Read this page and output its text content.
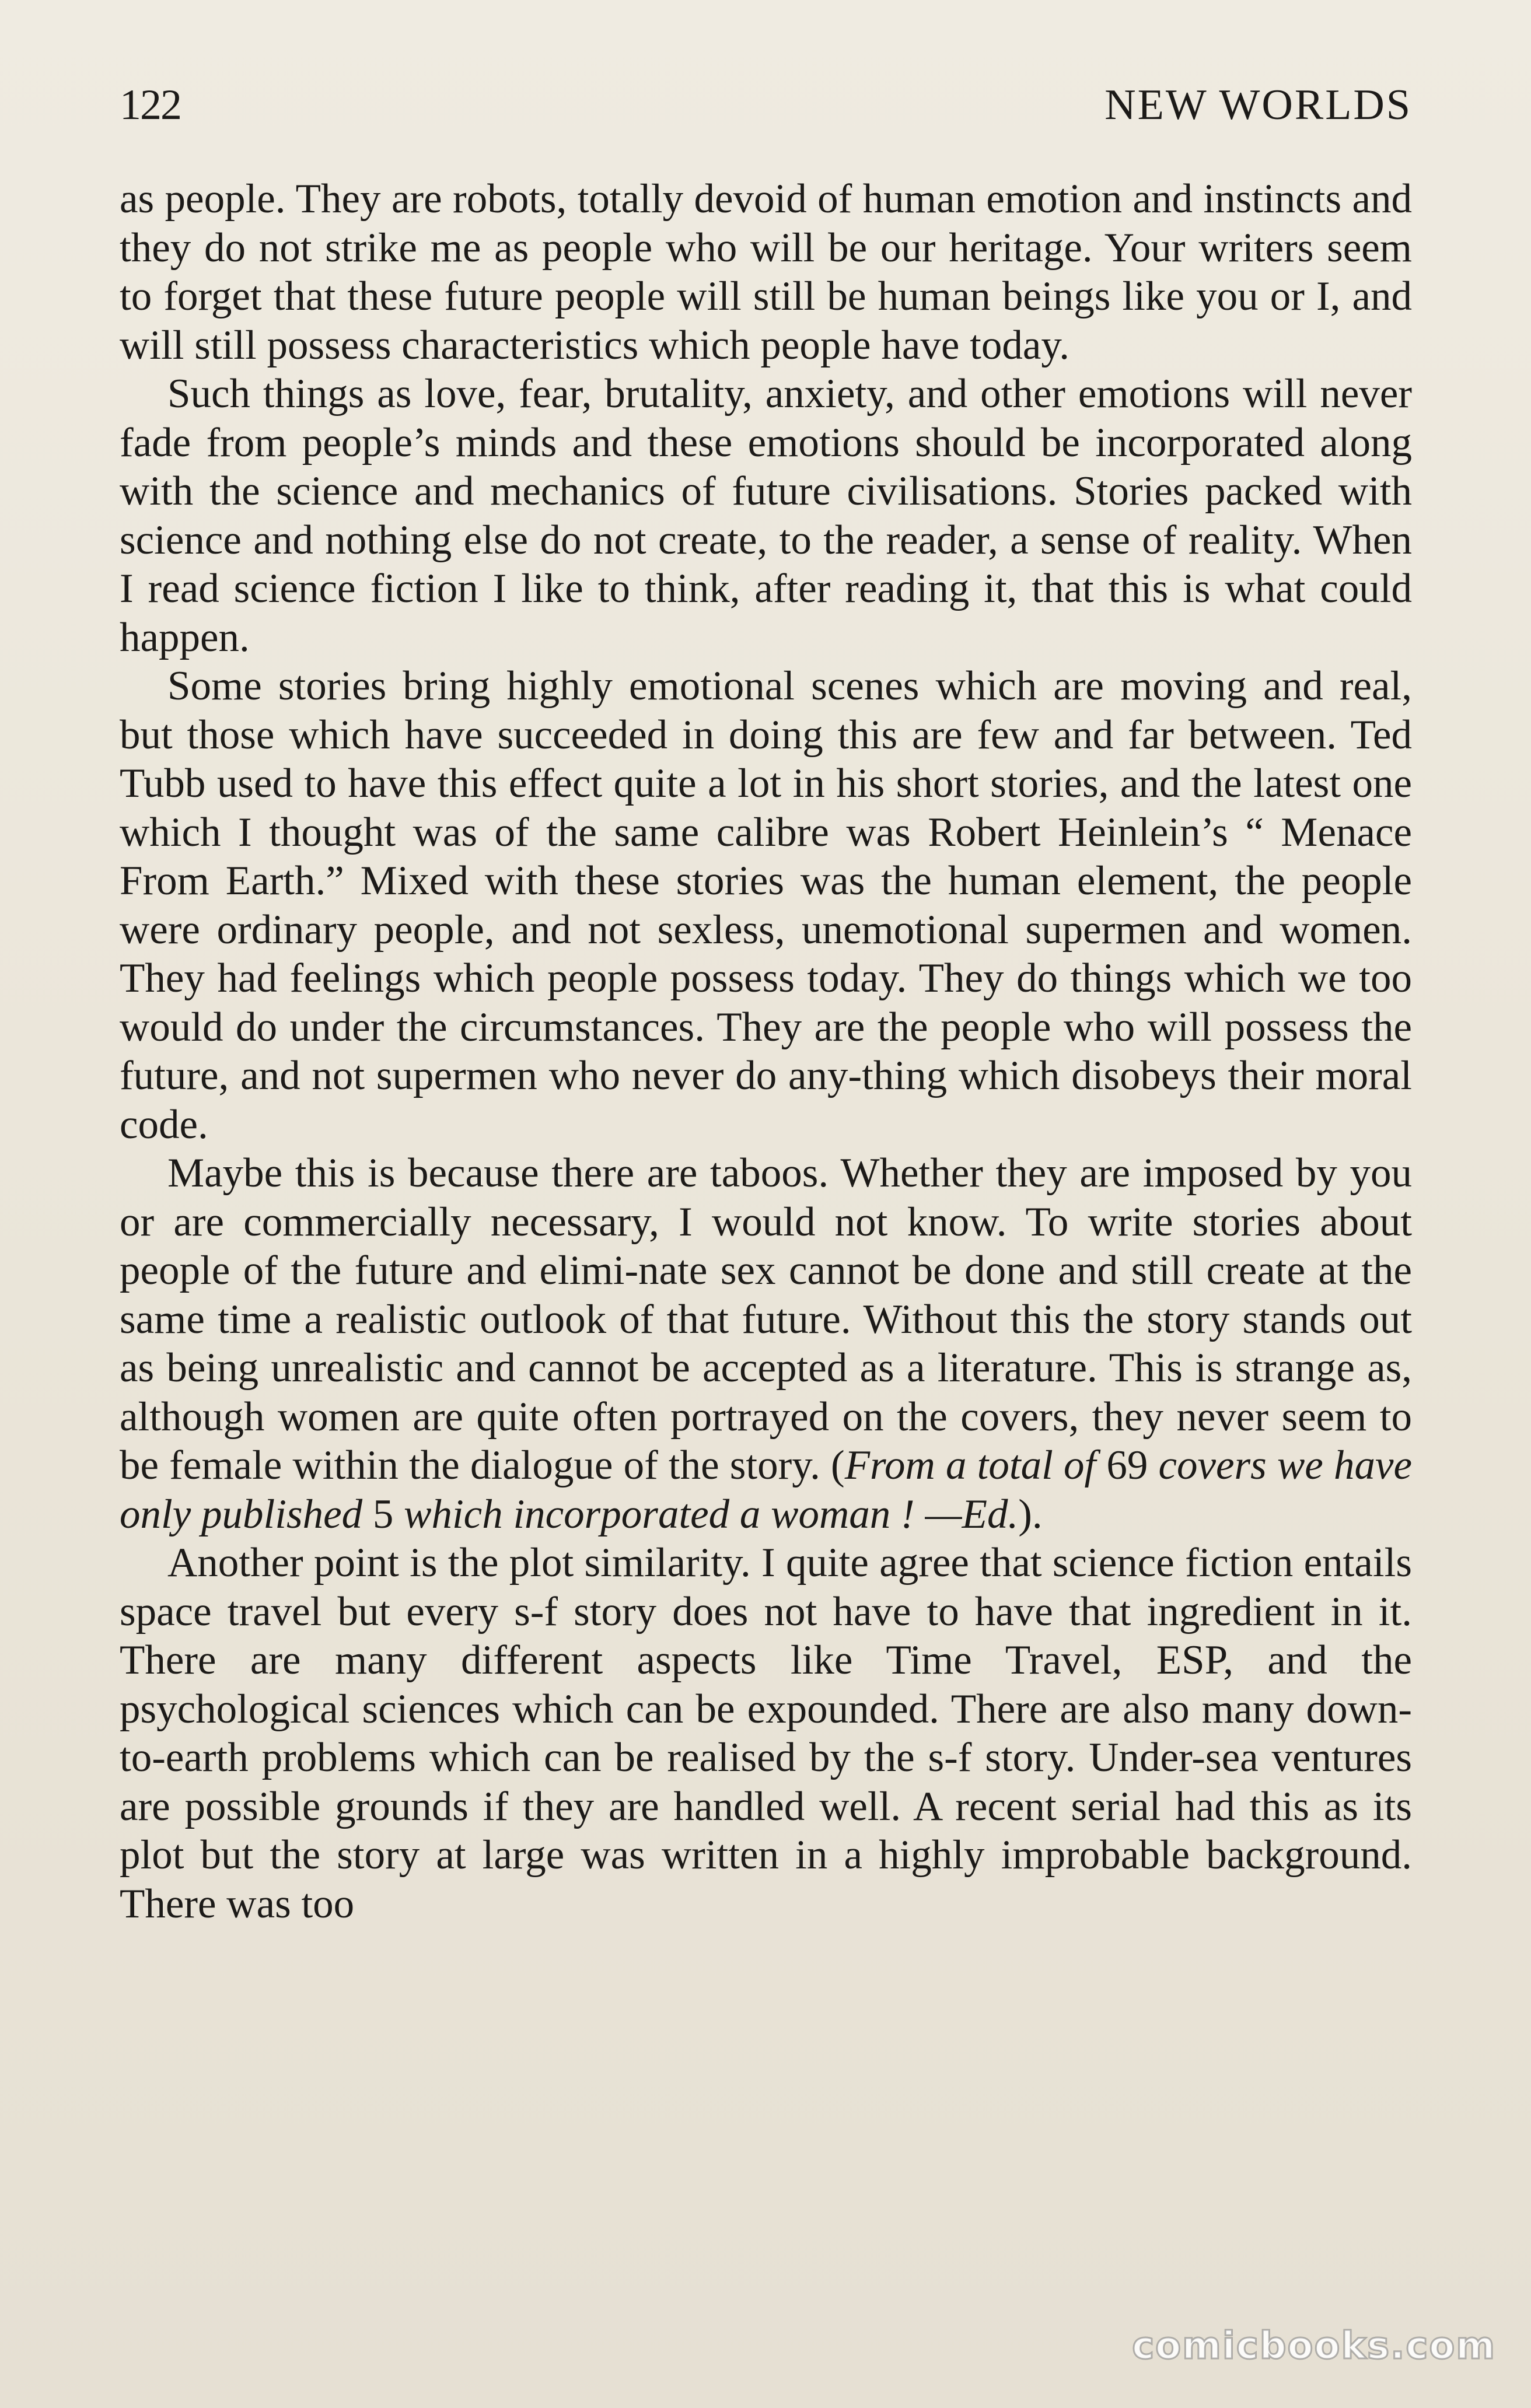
122	NEW WORLDS

as people. They are robots, totally devoid of human emotion and instincts and they do not strike me as people who will be our heritage. Your writers seem to forget that these future people will still be human beings like you or I, and will still possess characteristics which people have today.

Such things as love, fear, brutality, anxiety, and other emotions will never fade from people’s minds and these emotions should be incorporated along with the science and mechanics of future civilisations. Stories packed with science and nothing else do not create, to the reader, a sense of reality. When I read science fiction I like to think, after reading it, that this is what could happen.

Some stories bring highly emotional scenes which are moving and real, but those which have succeeded in doing this are few and far between. Ted Tubb used to have this effect quite a lot in his short stories, and the latest one which I thought was of the same calibre was Robert Heinlein’s “ Menace From Earth.” Mixed with these stories was the human element, the people were ordinary people, and not sexless, unemotional supermen and women. They had feelings which people possess today. They do things which we too would do under the circumstances. They are the people who will possess the future, and not supermen who never do any-thing which disobeys their moral code.

Maybe this is because there are taboos. Whether they are imposed by you or are commercially necessary, I would not know. To write stories about people of the future and elimi-nate sex cannot be done and still create at the same time a realistic outlook of that future. Without this the story stands out as being unrealistic and cannot be accepted as a literature. This is strange as, although women are quite often portrayed on the covers, they never seem to be female within the dialogue of the story. (From a total of 69 covers we have only published 5 which incorporated a woman ! —Ed.).

Another point is the plot similarity. I quite agree that science fiction entails space travel but every s-f story does not have to have that ingredient in it. There are many different aspects like Time Travel, ESP, and the psychological sciences which can be expounded. There are also many down-to-earth problems which can be realised by the s-f story. Under-sea ventures are possible grounds if they are handled well. A recent serial had this as its plot but the story at large was written in a highly improbable background. There was too

comicbooks.com
